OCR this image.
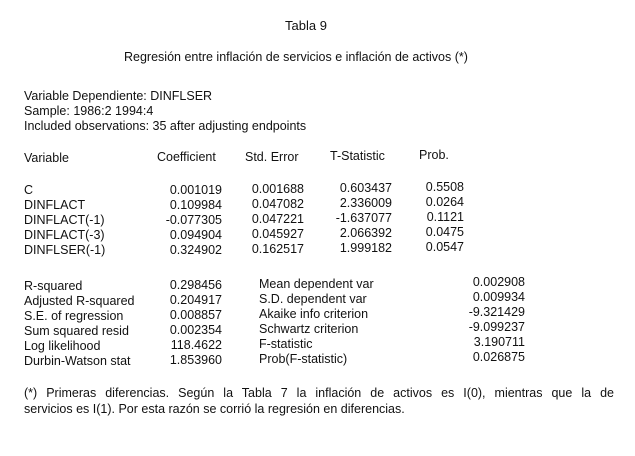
Tabla 9
Regresión entre inflación de servicios e inflación de activos (*)
Variable Dependiente: DINFLSER
Sample: 1986:2 1994:4
Included observations: 35 after adjusting endpoints
Variable	Coefficient Std. Error	T-Statistic	Prob.
C	0.001019	0.001688	0.603437	0.5508
DINFLACT	0.109984	0.047082	2.336009	0.0264
DINFLACT(-1)	-0.077305	0.047221	-1.637077	0.1121
DINFLACT(-3)	0.094904	0.045927	2.066392	0.0475
DINFLSER(-1)	0.324902	0.162517	1.999182	0.0547
R-squared	0.298456	Mean dependent var	0.002908
Adjusted R-squared	0.204917	S.D. dependent var	0.009934
S.E. of regression	0.008857	Akaike info criterion	-9.321429
Sum squared resid	0.002354	Schwartz criterion	-9.099237
Log likelihood	118.4622	F-statistic	3.190711
Durbin-Watson stat	1.853960	Prob(F-statistic)	0.026875
(*) Primeras diferencias. Según la Tabla 7 la inflación de activos es I(0), mientras que la de
servicios es I(1). Por esta razón se corrió la regresión en diferencias.
